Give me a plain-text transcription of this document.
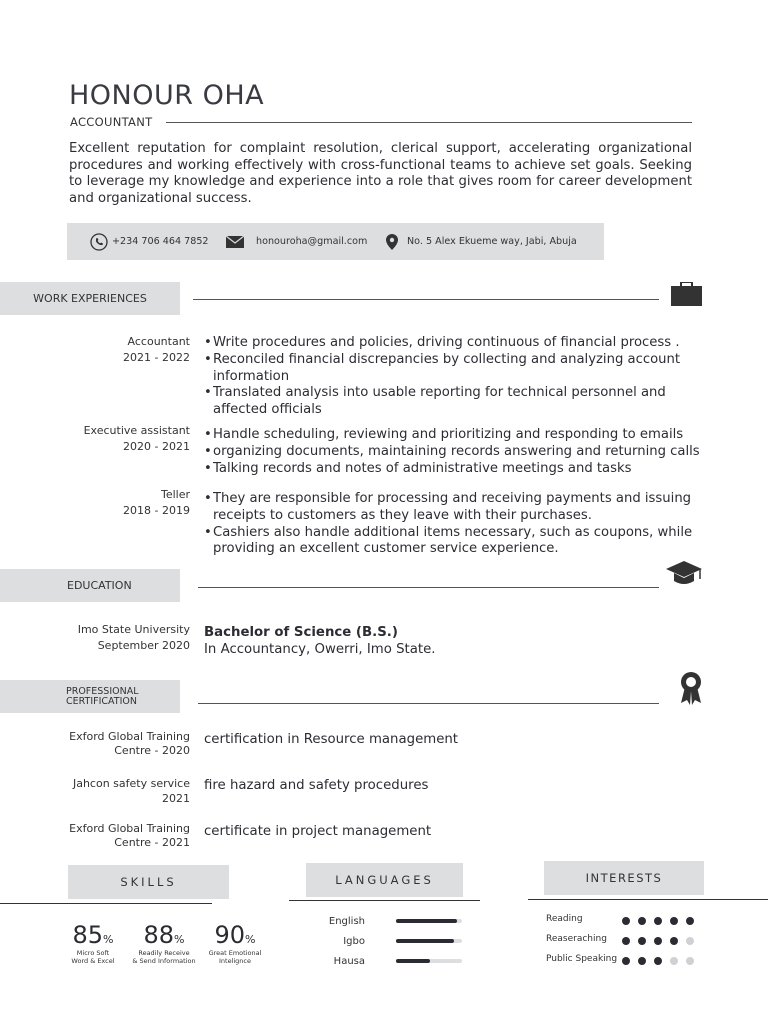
HONOUR OHA
ACCOUNTANT
Excellent reputation for complaint resolution, clerical support, accelerating organizational procedures and working effectively with cross-functional teams to achieve set goals. Seeking to leverage my knowledge and experience into a role that gives room for career development and organizational success.
+234 706 464 7852	honouroha@gmail.com	No. 5 Alex Ekueme way, Jabi, Abuja
WORK EXPERIENCES
Accountant
2021 - 2022
• Write procedures and policies, driving continuous of financial process .
• Reconciled financial discrepancies by collecting and analyzing account information
• Translated analysis into usable reporting for technical personnel and affected officials
Executive assistant
2020 - 2021
• Handle scheduling, reviewing and prioritizing and responding to emails
• organizing documents, maintaining records answering and returning calls
• Talking records and notes of administrative meetings and tasks
Teller
2018 - 2019
• They are responsible for processing and receiving payments and issuing receipts to customers as they leave with their purchases.
• Cashiers also handle additional items necessary, such as coupons, while providing an excellent customer service experience.
EDUCATION
Imo State University
September 2020
Bachelor of Science (B.S.)
In Accountancy, Owerri, Imo State.
PROFESSIONAL
CERTIFICATION
Exford Global Training
Centre - 2020
certification in Resource management
Jahcon safety service
2021
fire hazard and safety procedures
Exford Global Training
Centre - 2021
certificate in project management
SKILLS
85%
Micro Soft
Word & Excel
88%
Readily Receive
& Send Information
90%
Great Emotional
Intelignce
LANGUAGES
English
Igbo
Hausa
INTERESTS
Reading
Reaseraching
Public Speaking
